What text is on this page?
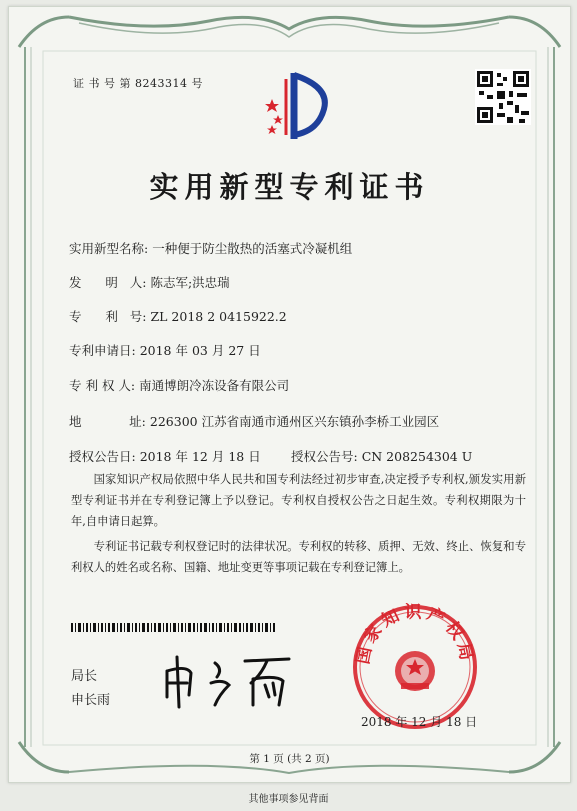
证 书 号 第 8243314 号
实用新型专利证书
实用新型名称: 一种便于防尘散热的活塞式冷凝机组
发      明   人: 陈志军;洪忠瑞
专      利   号: ZL 2018 2 0415922.2
专利申请日: 2018 年 03 月 27 日
专 利 权 人: 南通博朗冷冻设备有限公司
地            址: 226300 江苏省南通市通州区兴东镇孙李桥工业园区
授权公告日: 2018 年 12 月 18 日 授权公告号: CN 208254304 U
国家知识产权局依照中华人民共和国专利法经过初步审查,决定授予专利权,颁发实用新型专利证书并在专利登记簿上予以登记。专利权自授权公告之日起生效。专利权期限为十年,自申请日起算。
专利证书记载专利权登记时的法律状况。专利权的转移、质押、无效、终止、恢复和专利权人的姓名或名称、国籍、地址变更等事项记载在专利登记簿上。
局长
申长雨
国家知识产权局
2018 年 12 月 18 日
第 1 页 (共 2 页)
其他事项参见背面
